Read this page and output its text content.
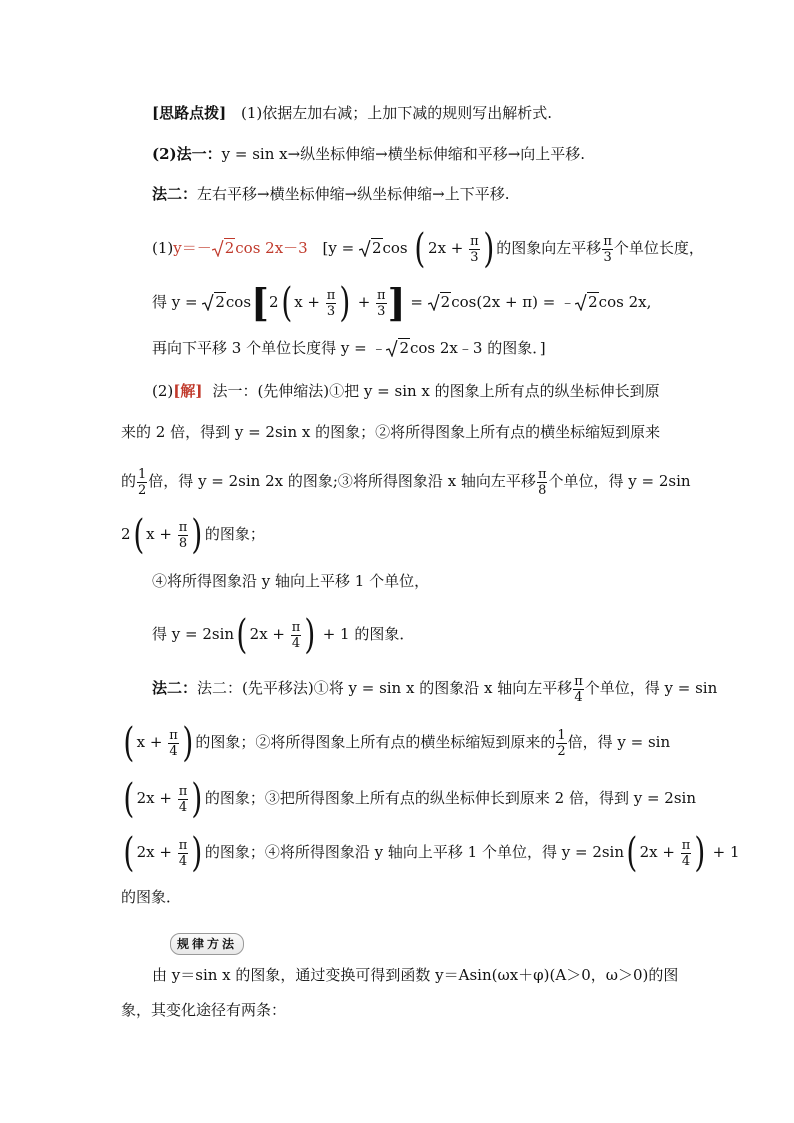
[思路点拨] (1)依据左加右减；上加下减的规则写出解析式.
(2)法一：y = sin x→纵坐标伸缩→横坐标伸缩和平移→向上平移.
法二：左右平移→横坐标伸缩→纵坐标伸缩→上下平移.
(1)y＝－ 2cos 2x－3 [y = 2cos ( $2x + \frac{\pi}{3}$ ) 的图象向左平移 $\frac{\pi}{3}$ 个单位长度，
得 y = 2cos[2( $x + \frac{\pi}{3}$ ) + $\frac{\pi}{3}$ ] = 2cos(2x + π) = ﹣ 2cos 2x,
再向下平移 3 个单位长度得 y = ﹣ 2cos 2x﹣3 的图象．]
(2)[解] 法一：(先伸缩法)①把 y = sin x 的图象上所有点的纵坐标伸长到原
来的 2 倍，得到 y = 2sin x 的图象；②将所得图象上所有点的横坐标缩短到原来
的 $\frac{1}{2}$ 倍，得 y = 2sin 2x 的图象;③将所得图象沿 x 轴向左平移 $\frac{\pi}{8}$ 个单位，得 y = 2sin
2( $x + \frac{\pi}{8}$ ) 的图象；
④将所得图象沿 y 轴向上平移 1 个单位，
得 y = 2sin( $2x + \frac{\pi}{4}$ ) + 1 的图象．
法二：法二：(先平移法)①将 y = sin x 的图象沿 x 轴向左平移 $\frac{\pi}{4}$ 个单位，得 y = sin
( $x + \frac{\pi}{4}$ ) 的图象；②将所得图象上所有点的横坐标缩短到原来的 $\frac{1}{2}$ 倍，得 y = sin
( $2x + \frac{\pi}{4}$ ) 的图象；③把所得图象上所有点的纵坐标伸长到原来 2 倍，得到 y = 2sin
( $2x + \frac{\pi}{4}$ ) 的图象；④将所得图象沿 y 轴向上平移 1 个单位，得 y = 2sin( $2x + \frac{\pi}{4}$ ) + 1
的图象．
规律方法
由 y＝sin x 的图象，通过变换可得到函数 y＝Asin(ωx＋φ)(A＞0，ω＞0)的图
象，其变化途径有两条：
